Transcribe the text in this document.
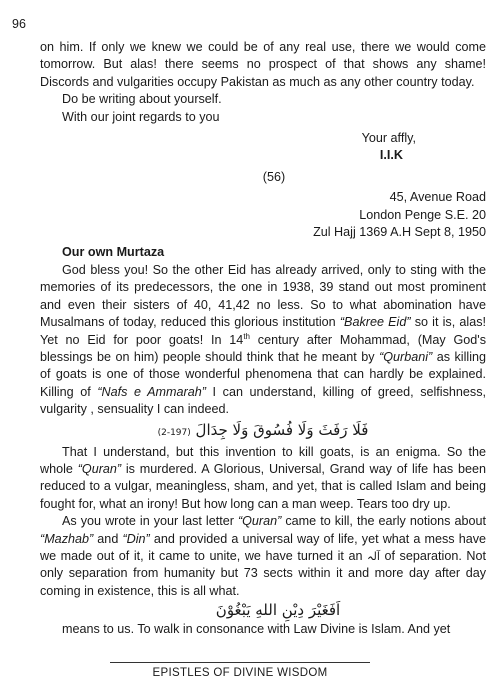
96

on him. If only we knew we could be of any real use, there we would come tomorrow. But alas! there seems no prospect of that shows any shame! Discords and vulgarities occupy Pakistan as much as any other country today.

Do be writing about yourself.

With our joint regards to you

Your affly,

I.I.K

(56)

45, Avenue Road

London Penge S.E. 20

Zul Hajj 1369 A.H Sept 8, 1950

Our own Murtaza

God bless you! So the other Eid has already arrived, only to sting with the memories of its predecessors, the one in 1938, 39 stand out most prominent and even their sisters of 40, 41,42 no less. So to what abomination have Musalmans of today, reduced this glorious institution “Bakree Eid” so it is, alas! Yet no Eid for poor goats! In 14th century after Mohammad, (May God's blessings be on him) people should think that he meant by “Qurbani” as killing of goats is one of those wonderful phenomena that can hardly be explained. Killing of “Nafs e Ammarah” I can understand, killing of greed, selfishness, vulgarity , sensuality I can indeed.

فَلَا رَفَثَ وَلَا فُسُوقَ وَلَا جِدَالَ (2-197)

That I understand, but this invention to kill goats, is an enigma. So the whole “Quran” is murdered. A Glorious, Universal, Grand way of life has been reduced to a vulgar, meaningless, sham, and yet, that is called Islam and being fought for, what an irony! But how long can a man weep. Tears too dry up.

As you wrote in your last letter “Quran” came to kill, the early notions about “Mazhab” and “Din” and provided a universal way of life, yet what a mess have we made out of it, it came to unite, we have turned it an آلہ of separation. Not only separation from humanity but 73 sects within it and more day after day coming in existence, this is all what.

اَفَغَيْرَ دِيْنِ اللهِ يَبْغُوْنَ

means to us. To walk in consonance with Law Divine is Islam. And yet

EPISTLES OF DIVINE WISDOM
